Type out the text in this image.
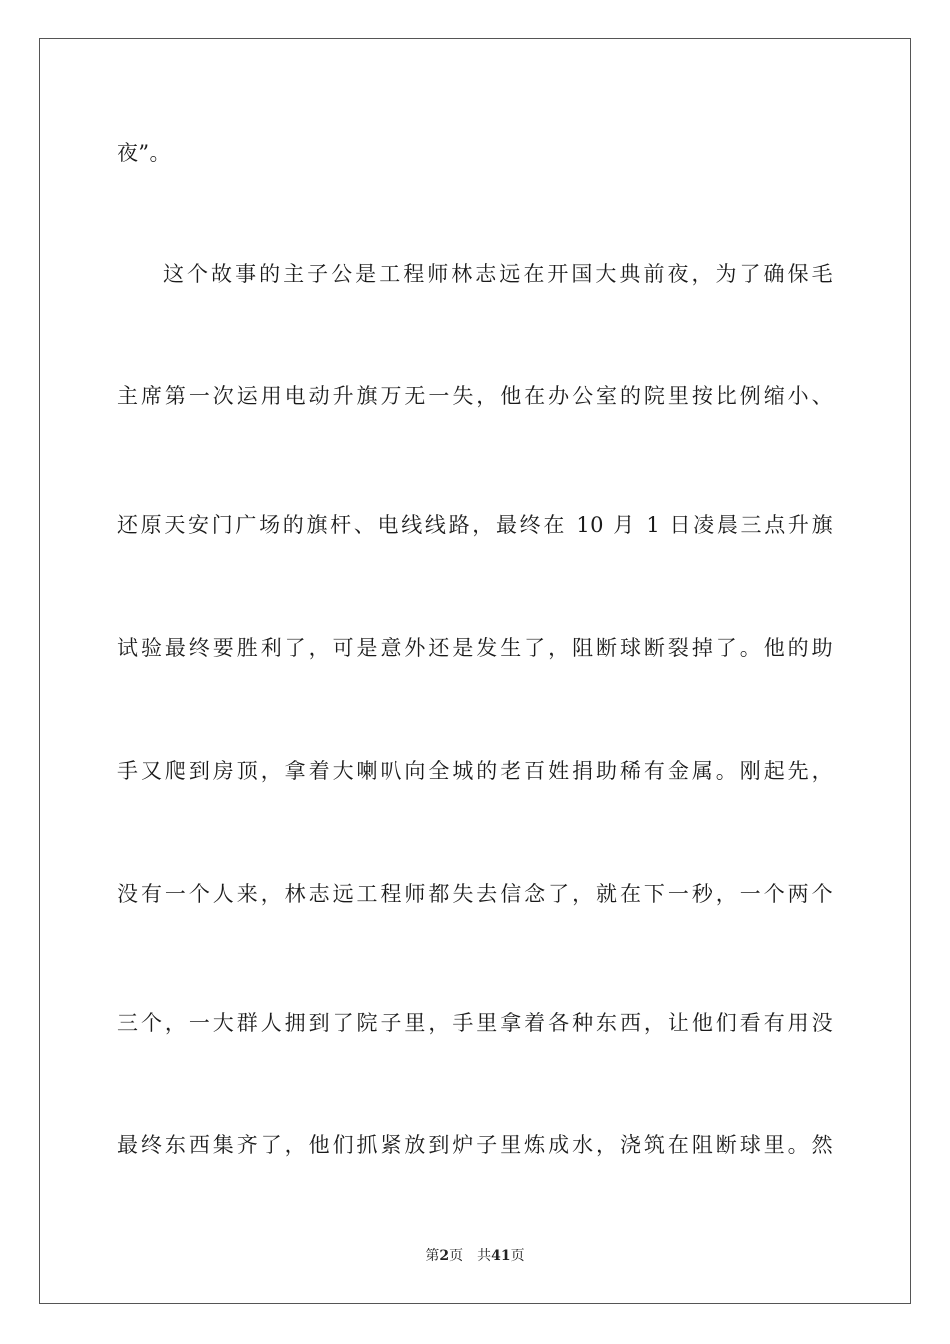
夜”。
这个故事的主子公是工程师林志远在开国大典前夜，为了确保毛
主席第一次运用电动升旗万无一失，他在办公室的院里按比例缩小、
还原天安门广场的旗杆、电线线路，最终在 10 月 1 日凌晨三点升旗
试验最终要胜利了，可是意外还是发生了，阻断球断裂掉了。他的助
手又爬到房顶，拿着大喇叭向全城的老百姓捐助稀有金属。刚起先，
没有一个人来，林志远工程师都失去信念了，就在下一秒，一个两个
三个，一大群人拥到了院子里，手里拿着各种东西，让他们看有用没
最终东西集齐了，他们抓紧放到炉子里炼成水，浇筑在阻断球里。然
第2页 共41页
